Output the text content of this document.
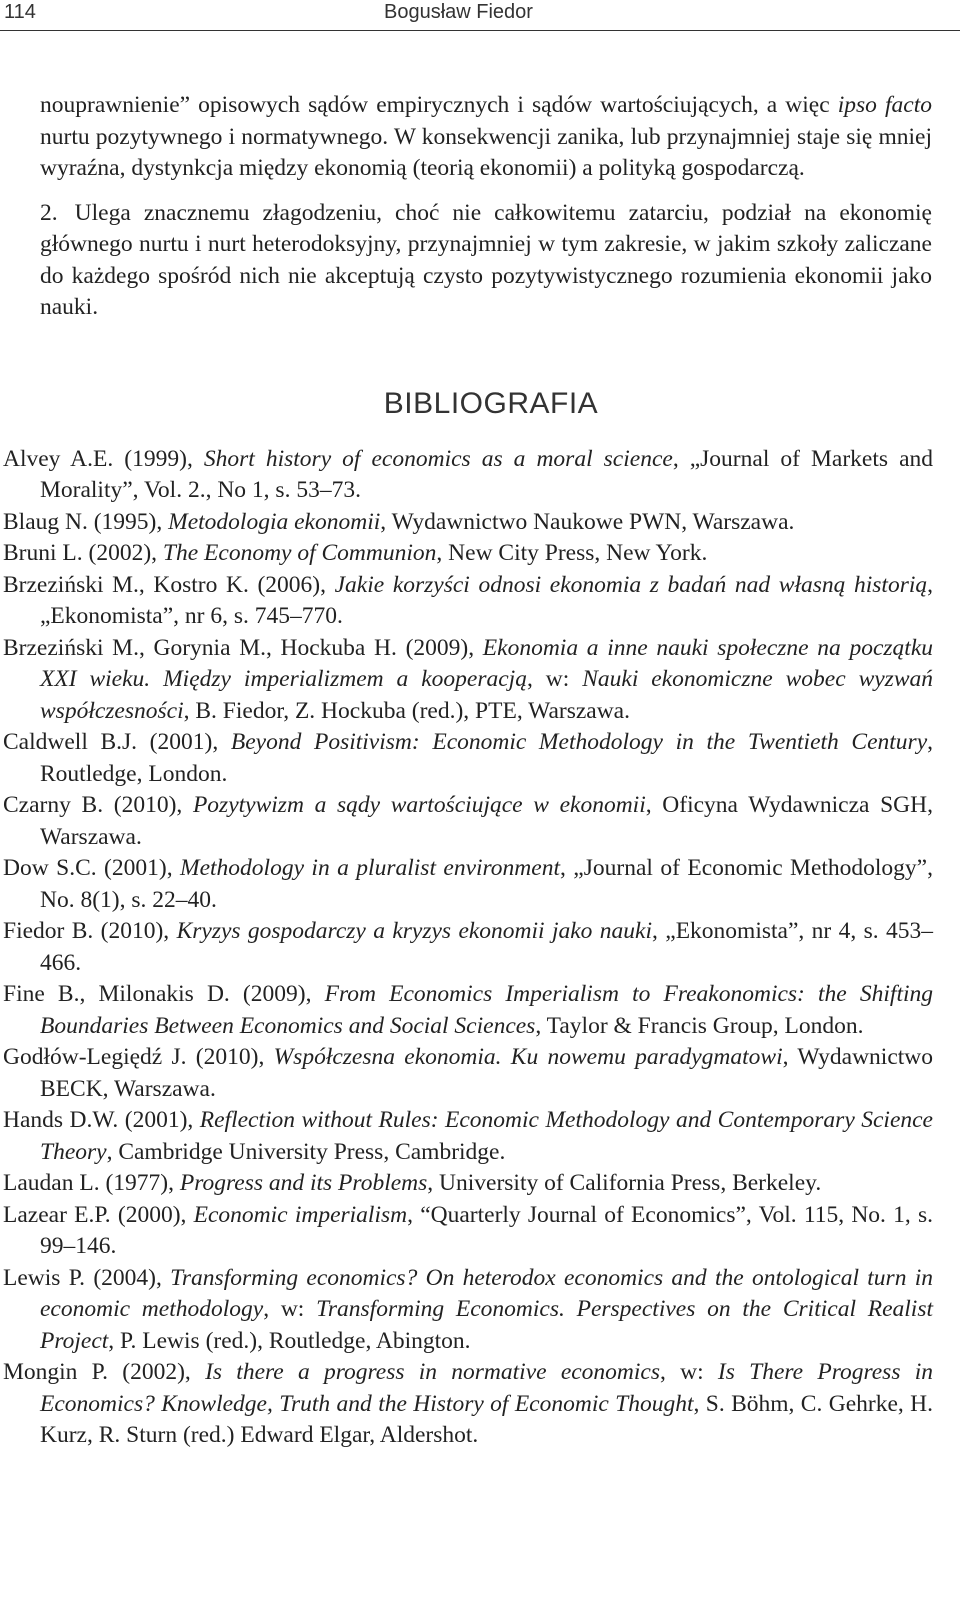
114	Bogusław Fiedor

nouprawnienie” opisowych sądów empirycznych i sądów wartościujących, a więc ipso facto nurtu pozytywnego i normatywnego. W konsekwencji zanika, lub przynajmniej staje się mniej wyraźna, dystynkcja między ekonomią (teorią ekonomii) a polityką gospodarczą.

2. Ulega znacznemu złagodzeniu, choć nie całkowitemu zatarciu, podział na ekonomię głównego nurtu i nurt heterodoksyjny, przynajmniej w tym zakresie, w jakim szkoły zaliczane do każdego spośród nich nie akceptują czysto pozytywistycznego rozumienia ekonomii jako nauki.

BIBLIOGRAFIA

Alvey A.E. (1999), Short history of economics as a moral science, „Journal of Markets and Morality”, Vol. 2., No 1, s. 53–73.

Blaug N. (1995), Metodologia ekonomii, Wydawnictwo Naukowe PWN, Warszawa.

Bruni L. (2002), The Economy of Communion, New City Press, New York.

Brzeziński M., Kostro K. (2006), Jakie korzyści odnosi ekonomia z badań nad własną historią, „Ekonomista”, nr 6, s. 745–770.

Brzeziński M., Gorynia M., Hockuba H. (2009), Ekonomia a inne nauki społeczne na początku XXI wieku. Między imperializmem a kooperacją, w: Nauki ekonomiczne wobec wyzwań współczesności, B. Fiedor, Z. Hockuba (red.), PTE, Warszawa.

Caldwell B.J. (2001), Beyond Positivism: Economic Methodology in the Twentieth Century, Routledge, London.

Czarny B. (2010), Pozytywizm a sądy wartościujące w ekonomii, Oficyna Wydawnicza SGH, Warszawa.

Dow S.C. (2001), Methodology in a pluralist environment, „Journal of Economic Methodology”, No. 8(1), s. 22–40.

Fiedor B. (2010), Kryzys gospodarczy a kryzys ekonomii jako nauki, „Ekonomista”, nr 4, s. 453–466.

Fine B., Milonakis D. (2009), From Economics Imperialism to Freakonomics: the Shifting Boundaries Between Economics and Social Sciences, Taylor & Francis Group, London.

Godłów-Legiędź J. (2010), Współczesna ekonomia. Ku nowemu paradygmatowi, Wydawnictwo BECK, Warszawa.

Hands D.W. (2001), Reflection without Rules: Economic Methodology and Contemporary Science Theory, Cambridge University Press, Cambridge.

Laudan L. (1977), Progress and its Problems, University of California Press, Berkeley.

Lazear E.P. (2000), Economic imperialism, “Quarterly Journal of Economics”, Vol. 115, No. 1, s. 99–146.

Lewis P. (2004), Transforming economics? On heterodox economics and the ontological turn in economic methodology, w: Transforming Economics. Perspectives on the Critical Realist Project, P. Lewis (red.), Routledge, Abington.

Mongin P. (2002), Is there a progress in normative economics, w: Is There Progress in Economics? Knowledge, Truth and the History of Economic Thought, S. Böhm, C. Gehrke, H. Kurz, R. Sturn (red.) Edward Elgar, Aldershot.
